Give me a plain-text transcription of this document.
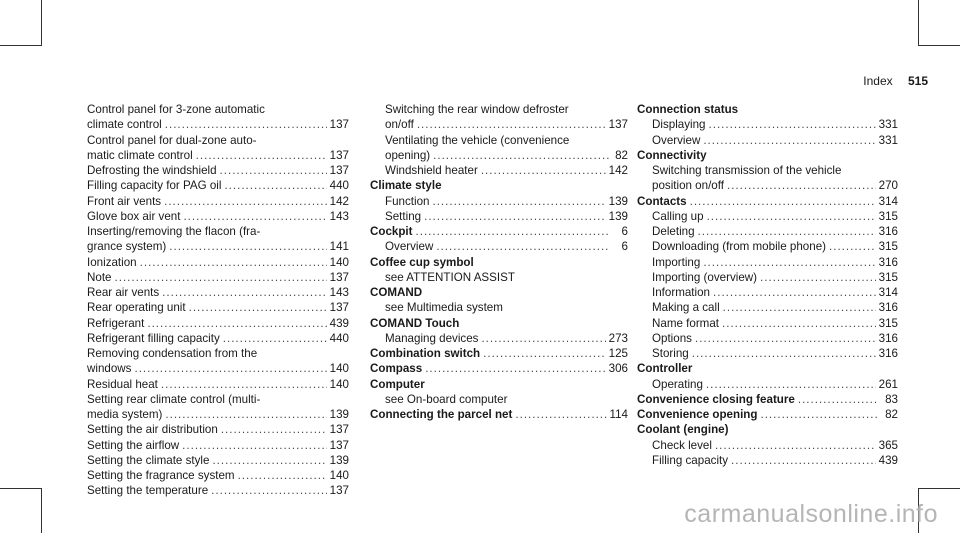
Index 515
Control panel for 3-zone automatic
climate control .....	137
Control panel for dual-zone auto-
matic climate control .....	137
Defrosting the windshield .....	137
Filling capacity for PAG oil .....	440
Front air vents .....	142
Glove box air vent .....	143
Inserting/removing the flacon (fra-
grance system) .....	141
Ionization .....	140
Note .....	137
Rear air vents .....	143
Rear operating unit .....	137
Refrigerant .....	439
Refrigerant filling capacity .....	440
Removing condensation from the
windows .....	140
Residual heat .....	140
Setting rear climate control (multi-
media system) .....	139
Setting the air distribution .....	137
Setting the airflow .....	137
Setting the climate style .....	139
Setting the fragrance system .....	140
Setting the temperature .....	137
Switching the rear window defroster
on/off .....	137
Ventilating the vehicle (convenience
opening) .....	82
Windshield heater .....	142
Climate style
Function .....	139
Setting .....	139
Cockpit .....	6
Overview .....	6
Coffee cup symbol
see ATTENTION ASSIST
COMAND
see Multimedia system
COMAND Touch
Managing devices .....	273
Combination switch .....	125
Compass .....	306
Computer
see On-board computer
Connecting the parcel net .....	114
Connection status
Displaying .....	331
Overview .....	331
Connectivity
Switching transmission of the vehicle
position on/off .....	270
Contacts .....	314
Calling up .....	315
Deleting .....	316
Downloading (from mobile phone) .....	315
Importing .....	316
Importing (overview) .....	315
Information .....	314
Making a call .....	316
Name format .....	315
Options .....	316
Storing .....	316
Controller
Operating .....	261
Convenience closing feature .....	83
Convenience opening .....	82
Coolant (engine)
Check level .....	365
Filling capacity .....	439
carmanualsonline.info
